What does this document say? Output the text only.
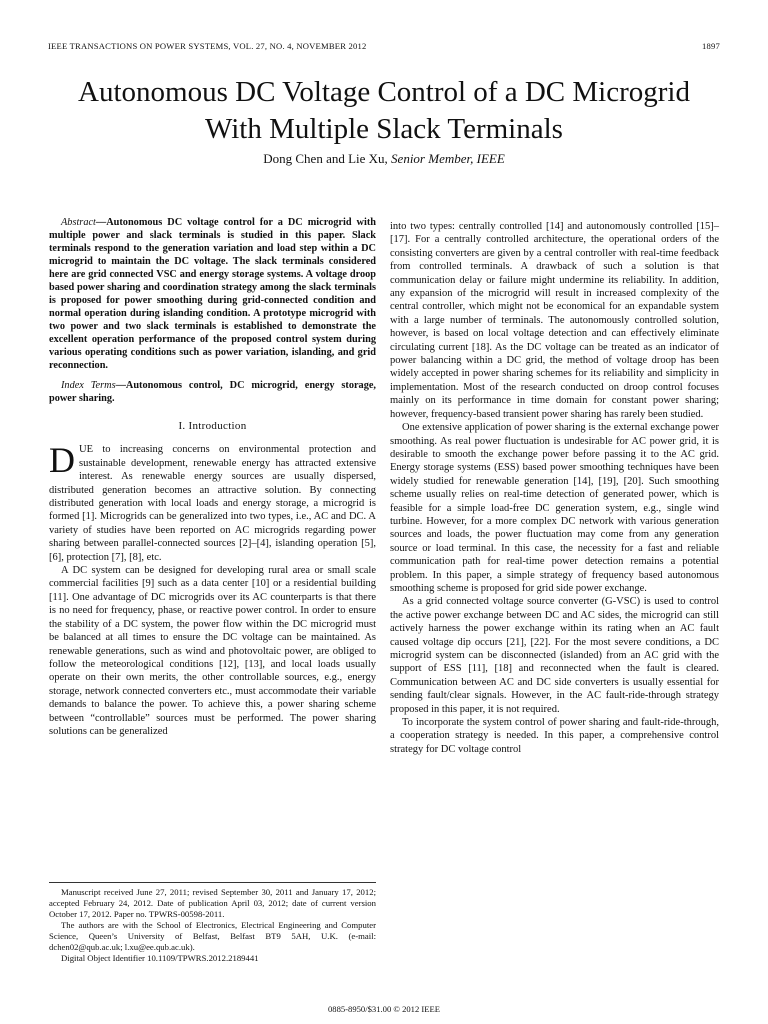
IEEE TRANSACTIONS ON POWER SYSTEMS, VOL. 27, NO. 4, NOVEMBER 2012	1897
Autonomous DC Voltage Control of a DC Microgrid With Multiple Slack Terminals
Dong Chen and Lie Xu, Senior Member, IEEE

Abstract—Autonomous DC voltage control for a DC microgrid with multiple power and slack terminals is studied in this paper. Slack terminals respond to the generation variation and load step within a DC microgrid to maintain the DC voltage. The slack terminals considered here are grid connected VSC and energy storage systems. A voltage droop based power sharing and coordination strategy among the slack terminals is proposed for power smoothing during grid-connected condition and normal operation during islanding condition. A prototype microgrid with two power and two slack terminals is established to demonstrate the excellent operation performance of the proposed control system during various operating conditions such as power variation, islanding, and grid reconnection.

Index Terms—Autonomous control, DC microgrid, energy storage, power sharing.

I. Introduction

DUE to increasing concerns on environmental protection and sustainable development, renewable energy has attracted extensive interest. As renewable energy sources are usually dispersed, distributed generation becomes an attractive solution. By connecting distributed generation with local loads and energy storage, a microgrid is formed [1]. Microgrids can be generalized into two types, i.e., AC and DC. A variety of studies have been reported on AC microgrids regarding power sharing between parallel-connected sources [2]–[4], islanding operation [5], [6], protection [7], [8], etc.

A DC system can be designed for developing rural area or small scale commercial facilities [9] such as a data center [10] or a residential building [11]. One advantage of DC microgrids over its AC counterparts is that there is no need for frequency, phase, or reactive power control. In order to ensure the stability of a DC system, the power flow within the DC microgrid must be balanced at all times to ensure the DC voltage can be maintained. As renewable generations, such as wind and photovoltaic power, are obliged to follow the meteorological conditions [12], [13], and local loads usually operate on their own merits, the other controllable sources, e.g., energy storage, network connected converters etc., must accommodate their variable demands to balance the power. To achieve this, a power sharing scheme between “controllable” sources must be performed. The power sharing solutions can be generalized

Manuscript received June 27, 2011; revised September 30, 2011 and January 17, 2012; accepted February 24, 2012. Date of publication April 03, 2012; date of current version October 17, 2012. Paper no. TPWRS-00598-2011.

The authors are with the School of Electronics, Electrical Engineering and Computer Science, Queen’s University of Belfast, Belfast BT9 5AH, U.K. (e-mail: dchen02@qub.ac.uk; l.xu@ee.qub.ac.uk).

Digital Object Identifier 10.1109/TPWRS.2012.2189441

into two types: centrally controlled [14] and autonomously controlled [15]–[17]. For a centrally controlled architecture, the operational orders of the consisting converters are given by a central controller with real-time feedback from controlled terminals. A drawback of such a solution is that communication delay or failure might undermine its reliability. In addition, any expansion of the microgrid will result in increased complexity of the central controller, which might not be economical for an expandable system with a large number of terminals. The autonomously controlled solution, however, is based on local voltage detection and can effectively eliminate circulating current [18]. As the DC voltage can be treated as an indicator of power balancing within a DC grid, the method of voltage droop has been widely accepted in power sharing schemes for its reliability and simplicity in implementation. Most of the research conducted on droop control focuses mainly on its performance in time domain for constant power sharing; however, frequency-based transient power sharing has rarely been studied.

One extensive application of power sharing is the external exchange power smoothing. As real power fluctuation is undesirable for AC power grid, it is desirable to smooth the exchange power before passing it to the AC grid. Energy storage systems (ESS) based power smoothing techniques have been widely studied for renewable generation [14], [19], [20]. Such smoothing scheme usually relies on real-time detection of generated power, which is feasible for a simple load-free DC generation system, e.g., single wind turbine. However, for a more complex DC network with various generation sources and loads, the power fluctuation may come from any generation source or load terminal. In this case, the necessity for a fast and reliable communication path for real-time power detection remains a potential problem. In this paper, a simple strategy of frequency based autonomous smoothing scheme is proposed for grid side power exchange.

As a grid connected voltage source converter (G-VSC) is used to control the active power exchange between DC and AC sides, the microgrid can still actively harness the power exchange within its rating when an AC fault caused voltage dip occurs [21], [22]. For the most severe conditions, a DC microgrid system can be disconnected (islanded) from an AC grid with the support of ESS [11], [18] and reconnected when the fault is cleared. Communication between AC and DC side converters is usually essential for sending fault/clear signals. However, in the AC fault-ride-through strategy proposed in this paper, it is not required.

To incorporate the system control of power sharing and fault-ride-through, a cooperation strategy is needed. In this paper, a comprehensive control strategy for DC voltage control

0885-8950/$31.00 © 2012 IEEE
